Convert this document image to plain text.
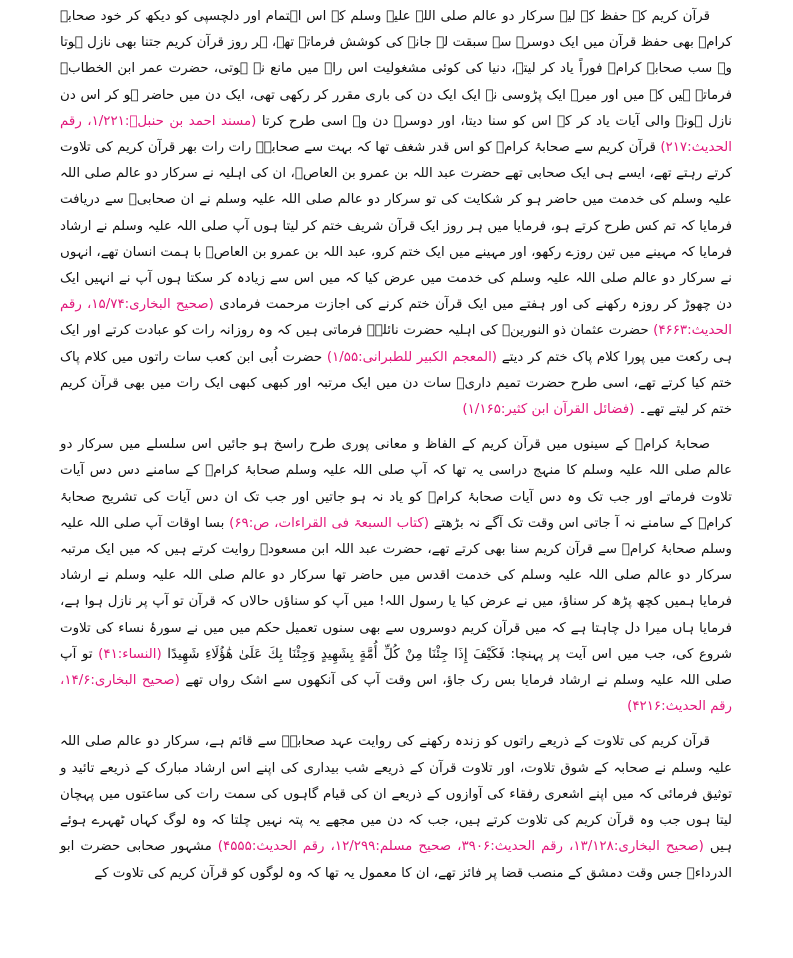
قرآن کریم کے حفظ کے لیے سرکار دو عالم صلی اللہ علیہ وسلم کے اس اہتمام اور دلچسپی کو دیکھ کر خود صحابۂ کرامؓ بھی حفظ قرآن میں ایک دوسرے سے سبقت لے جانے کی کوشش فرماتے تھے، ہر روز قرآن کریم جتنا بھی نازل ہوتا وہ سب صحابۂ کرامؓ فوراً یاد کر لیتے، دنیا کی کوئی مشغولیت اس راہ میں مانع نہ ہوتی، حضرت عمر ابن الخطابؓ فرماتے ہیں کہ میں اور میرے ایک پڑوسی نے ایک ایک دن کی باری مقرر کر رکھی تھی، ایک دن میں حاضر ہو کر اس دن نازل ہونے والی آیات یاد کر کے اس کو سنا دیتا، اور دوسرے دن وہ اسی طرح کرتا (مسند احمد بن حنبلؒ:۱/۲۲۱، رقم الحدیث:۲۱۷) قرآن کریم سے صحابۂ کرامؓ کو اس قدر شغف تھا کہ بہت سے صحابہؓ رات رات بھر قرآن کریم کی تلاوت کرتے رہتے تھے، ایسے ہی ایک صحابی تھے حضرت عبد اللہ بن عمرو بن العاصؓ، ان کی اہلیہ نے سرکار دو عالم صلی اللہ علیہ وسلم کی خدمت میں حاضر ہو کر شکایت کی تو سرکار دو عالم صلی اللہ علیہ وسلم نے ان صحابیؓ سے دریافت فرمایا کہ تم کس طرح کرتے ہو، فرمایا میں ہر روز ایک قرآن شریف ختم کر لیتا ہوں آپ صلی اللہ علیہ وسلم نے ارشاد فرمایا کہ مہینے میں تین روزے رکھو، اور مہینے میں ایک ختم کرو، عبد اللہ بن عمرو بن العاصؓ با ہمت انسان تھے، انہوں نے سرکار دو عالم صلی اللہ علیہ وسلم کی خدمت میں عرض کیا کہ میں اس سے زیادہ کر سکتا ہوں آپ نے انہیں ایک دن چھوڑ کر روزہ رکھنے کی اور ہفتے میں ایک قرآن ختم کرنے کی اجازت مرحمت فرمادی (صحیح البخاری:۱۵/۷۴، رقم الحدیث:۴۶۶۳) حضرت عثمان ذو النورینؓ کی اہلیہ حضرت نائلہؓ فرماتی ہیں کہ وہ روزانہ رات کو عبادت کرتے اور ایک ہی رکعت میں پورا کلام پاک ختم کر دیتے (المعجم الکبیر للطبرانی:۱/۵۵) حضرت اُبی ابن کعب سات راتوں میں کلام پاک ختم کیا کرتے تھے، اسی طرح حضرت تمیم داریؓ سات دن میں ایک مرتبہ اور کبھی کبھی ایک رات میں بھی قرآن کریم ختم کر لیتے تھے۔ (فضائل القرآن ابن کثیر:۱/۱۶۵)

صحابۂ کرامؓ کے سینوں میں قرآن کریم کے الفاظ و معانی پوری طرح راسخ ہو جائیں اس سلسلے میں سرکار دو عالم صلی اللہ علیہ وسلم کا منہج دراسی یہ تھا کہ آپ صلی اللہ علیہ وسلم صحابۂ کرامؓ کے سامنے دس دس آیات تلاوت فرماتے اور جب تک وہ دس آیات صحابۂ کرامؓ کو یاد نہ ہو جاتیں اور جب تک ان دس آیات کی تشریح صحابۂ کرامؓ کے سامنے نہ آ جاتی اس وقت تک آگے نہ بڑھتے (کتاب السبعۃ فی القراءات، ص:۶۹) بسا اوقات آپ صلی اللہ علیہ وسلم صحابۂ کرامؓ سے قرآن کریم سنا بھی کرتے تھے، حضرت عبد اللہ ابن مسعودؓ روایت کرتے ہیں کہ میں ایک مرتبہ سرکار دو عالم صلی اللہ علیہ وسلم کی خدمت اقدس میں حاضر تھا سرکار دو عالم صلی اللہ علیہ وسلم نے ارشاد فرمایا ہمیں کچھ پڑھ کر سناؤ، میں نے عرض کیا یا رسول اللہ! میں آپ کو سناؤں حالاں کہ قرآن تو آپ پر نازل ہوا ہے، فرمایا ہاں میرا دل چاہتا ہے کہ میں قرآن کریم دوسروں سے بھی سنوں تعمیل حکم میں میں نے سورۂ نساء کی تلاوت شروع کی، جب میں اس آیت پر پہنچا: فَكَيْفَ إِذَا جِئْنَا مِنْ كُلِّ أُمَّةٍ بِشَهِيدٍ وَجِئْنَا بِكَ عَلَىٰ هَٰؤُلَاءِ شَهِيدًا (النساء:۴۱) تو آپ صلی اللہ علیہ وسلم نے ارشاد فرمایا بس رک جاؤ، اس وقت آپ کی آنکھوں سے اشک رواں تھے (صحیح البخاری:۱۴/۶، رقم الحدیث:۴۲۱۶)

قرآن کریم کی تلاوت کے ذریعے راتوں کو زندہ رکھنے کی روایت عہد صحابہؓ سے قائم ہے، سرکار دو عالم صلی اللہ علیہ وسلم نے صحابہ کے شوق تلاوت، اور تلاوت قرآن کے ذریعے شب بیداری کی اپنے اس ارشاد مبارک کے ذریعے تائید و توثیق فرمائی کہ میں اپنے اشعری رفقاء کی آوازوں کے ذریعے ان کی قیام گاہوں کی سمت رات کی ساعتوں میں پہچان لیتا ہوں جب وہ قرآن کریم کی تلاوت کرتے ہیں، جب کہ دن میں مجھے یہ پتہ نہیں چلتا کہ وہ لوگ کہاں ٹھہرے ہوئے ہیں (صحیح البخاری:۱۳/۱۲۸، رقم الحدیث:۳۹۰۶، صحیح مسلم:۱۲/۲۹۹، رقم الحدیث:۴۵۵۵) مشہور صحابی حضرت ابو الدرداءؓ جس وقت دمشق کے منصب قضا پر فائز تھے، ان کا معمول یہ تھا کہ وہ لوگوں کو قرآن کریم کی تلاوت کے
